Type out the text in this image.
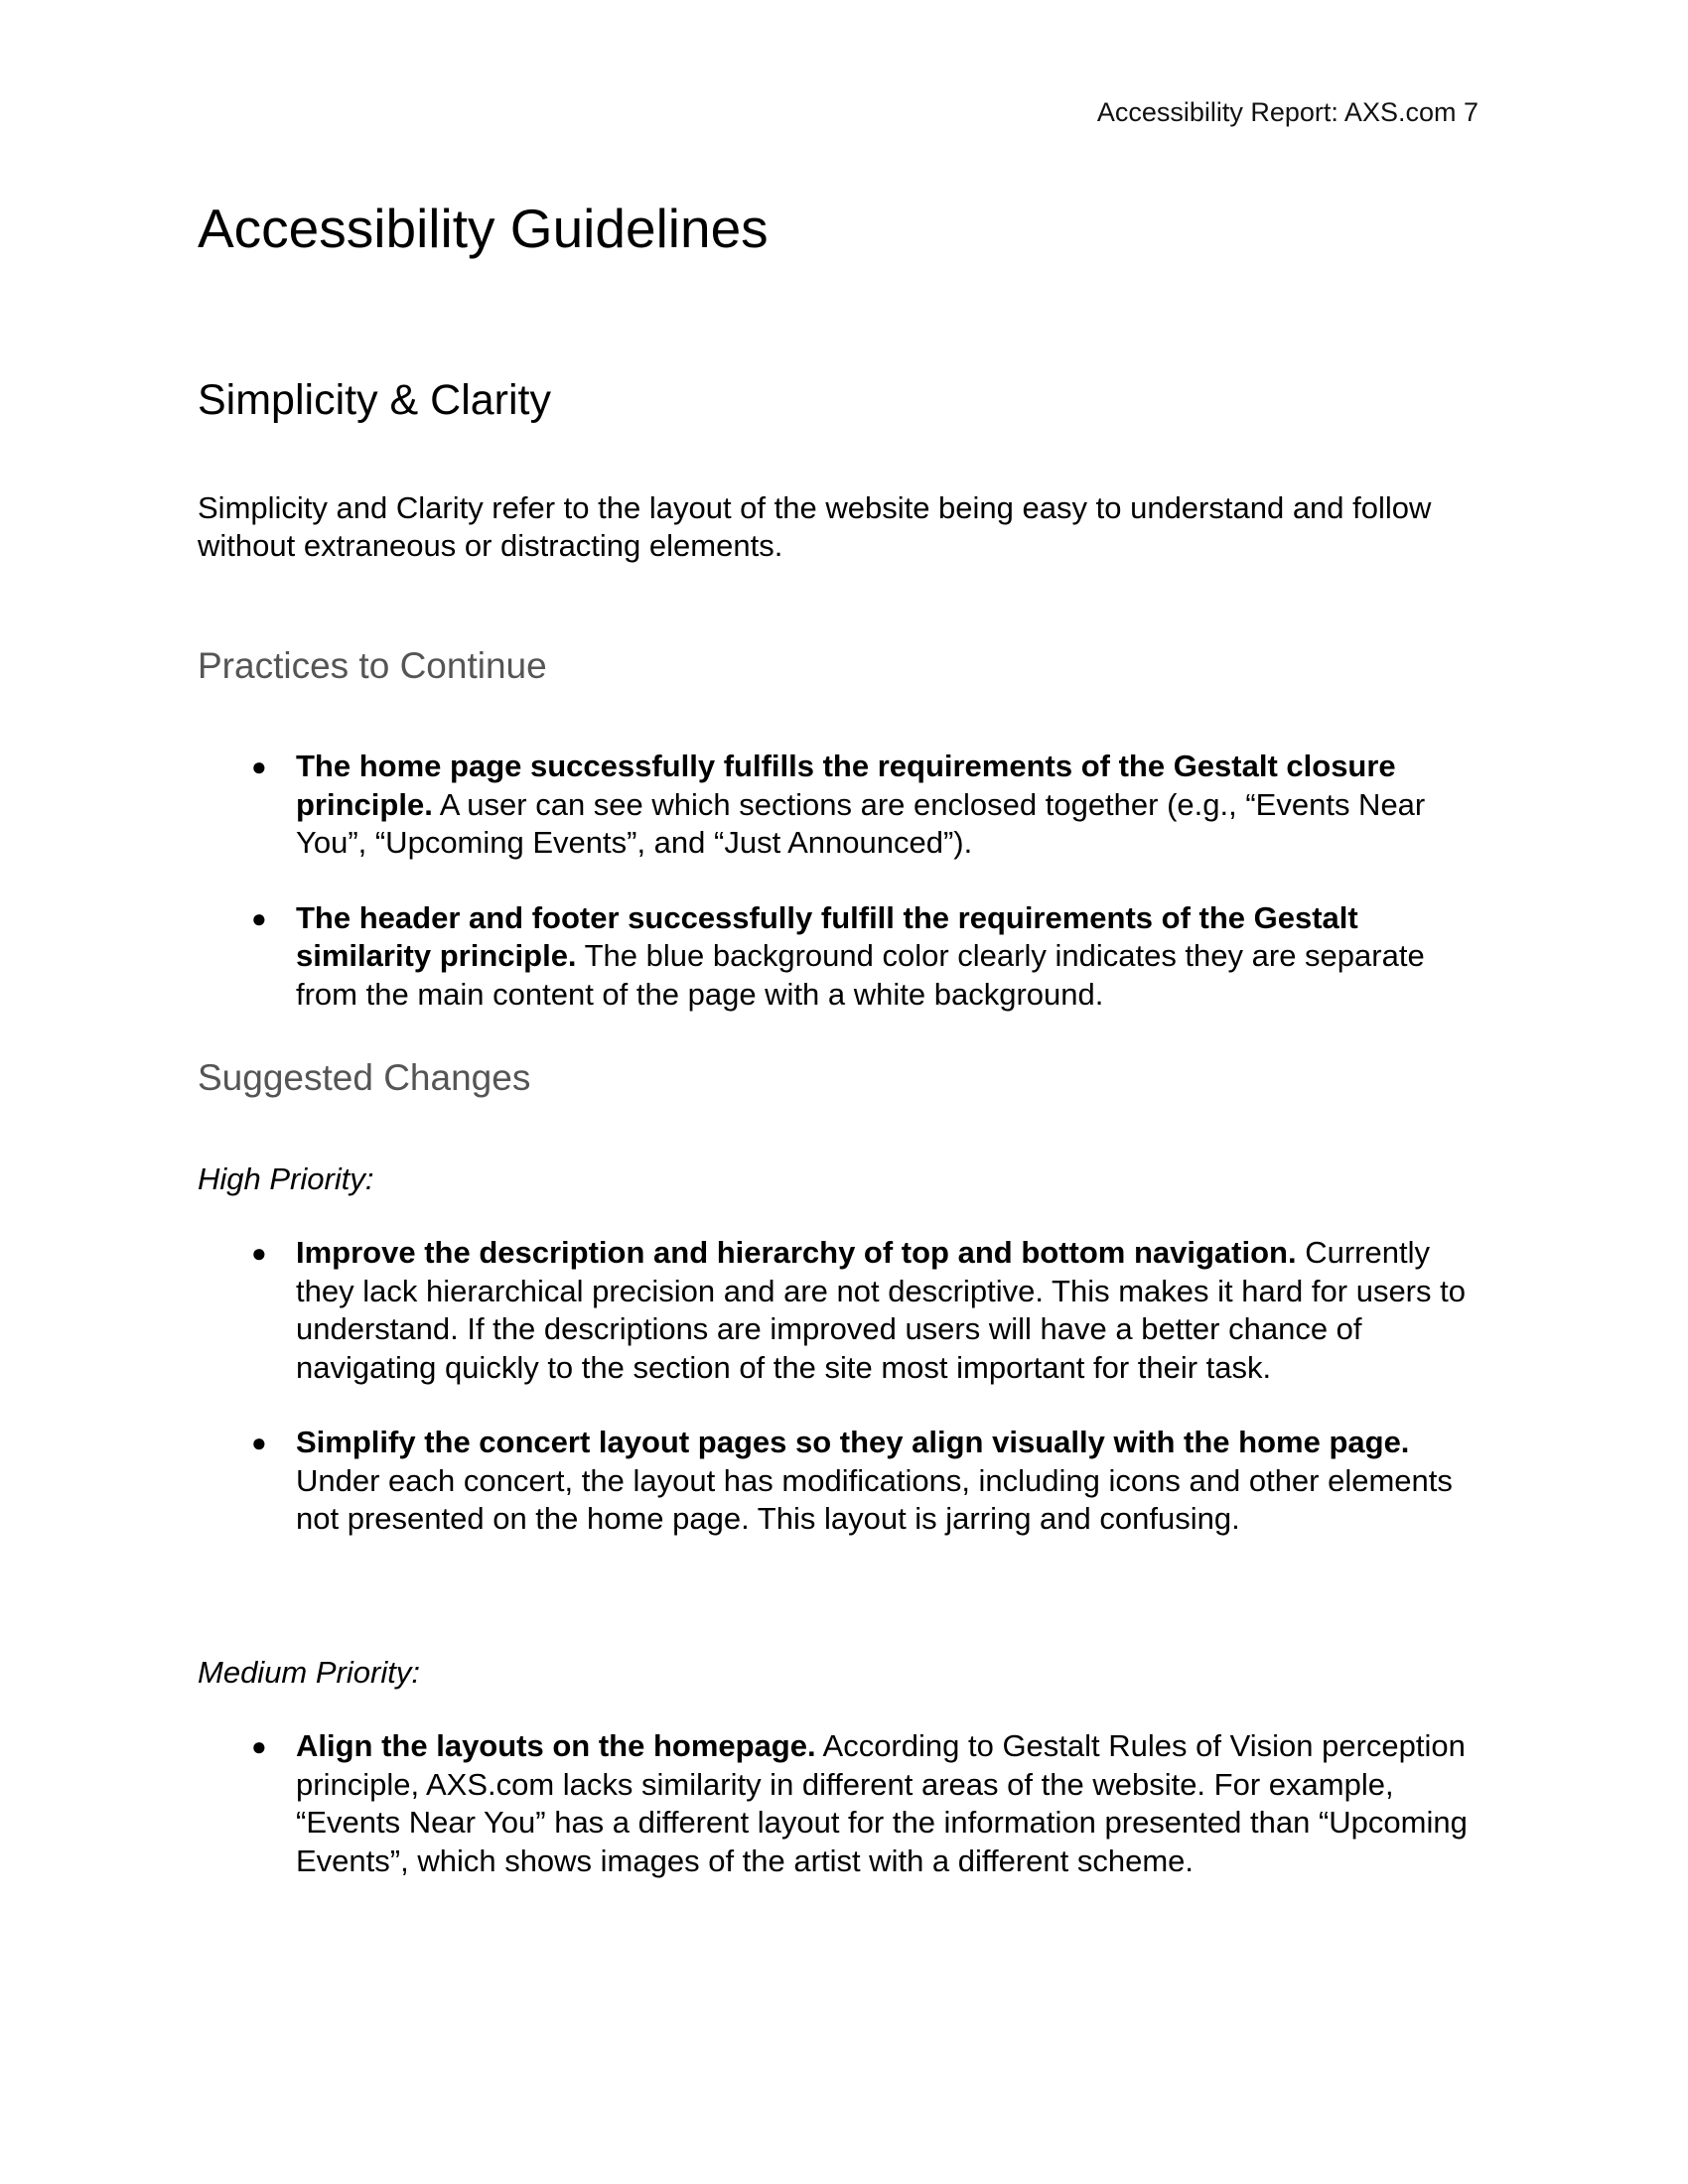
Accessibility Report: AXS.com 7
Accessibility Guidelines
Simplicity & Clarity

Simplicity and Clarity refer to the layout of the website being easy to understand and follow without extraneous or distracting elements.

Practices to Continue
● The home page successfully fulfills the requirements of the Gestalt closure principle. A user can see which sections are enclosed together (e.g., “Events Near You”, “Upcoming Events”, and “Just Announced”).
● The header and footer successfully fulfill the requirements of the Gestalt similarity principle. The blue background color clearly indicates they are separate from the main content of the page with a white background.
Suggested Changes

High Priority:

● Improve the description and hierarchy of top and bottom navigation. Currently they lack hierarchical precision and are not descriptive. This makes it hard for users to understand. If the descriptions are improved users will have a better chance of navigating quickly to the section of the site most important for their task.
● Simplify the concert layout pages so they align visually with the home page. Under each concert, the layout has modifications, including icons and other elements not presented on the home page. This layout is jarring and confusing.

Medium Priority:

● Align the layouts on the homepage. According to Gestalt Rules of Vision perception principle, AXS.com lacks similarity in different areas of the website. For example, “Events Near You” has a different layout for the information presented than “Upcoming Events”, which shows images of the artist with a different scheme.
